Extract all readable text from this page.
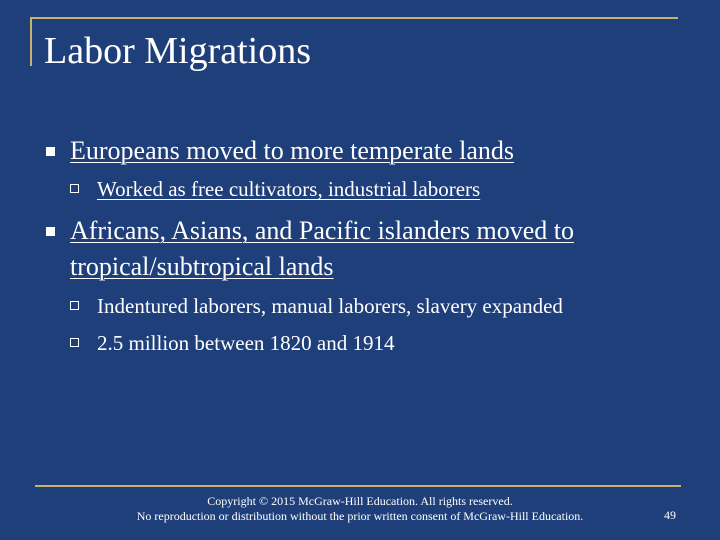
Labor Migrations
Europeans moved to more temperate lands
Worked as free cultivators, industrial laborers
Africans, Asians, and Pacific islanders moved to
tropical/subtropical lands
Indentured laborers, manual laborers, slavery expanded
2.5 million between 1820 and 1914
Copyright © 2015 McGraw-Hill Education. All rights reserved.
No reproduction or distribution without the prior written consent of McGraw-Hill Education.	49
